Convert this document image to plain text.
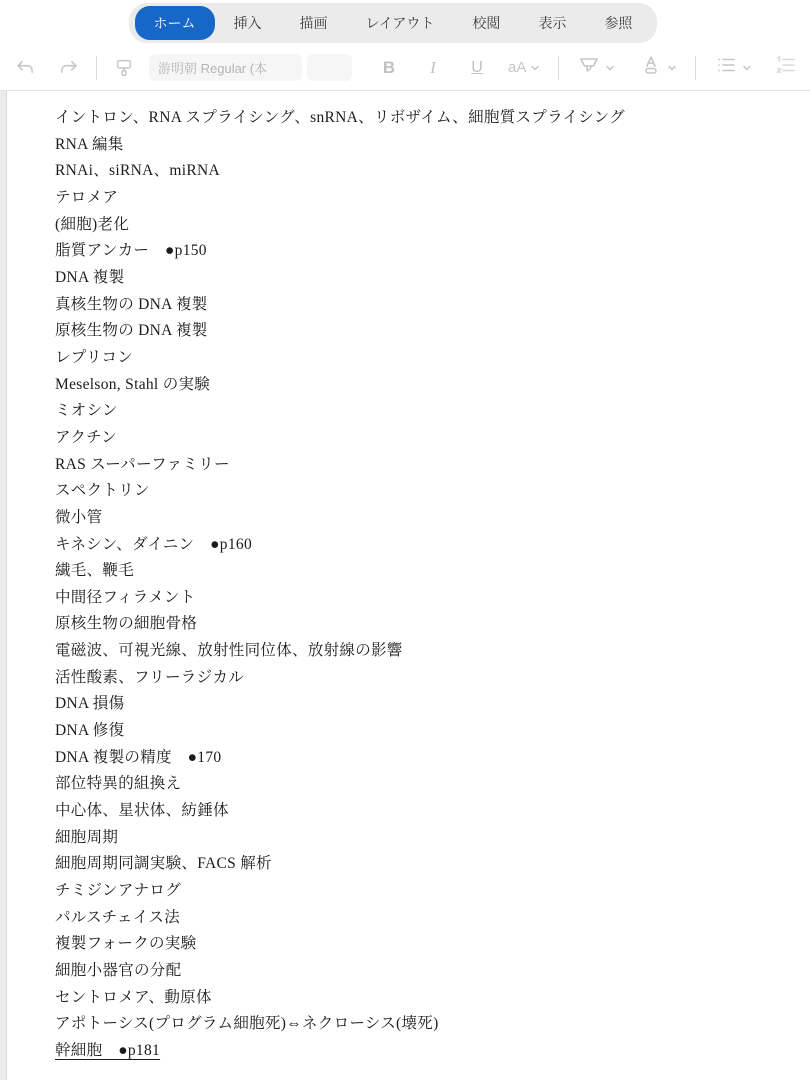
ホーム	挿入	描画	レイアウト	校閲	表示	参照
游明朝 Regular (本	B	I	U	aA
イントロン、RNA スプライシング、snRNA、リボザイム、細胞質スプライシング
RNA 編集
RNAi、siRNA、miRNA
テロメア
(細胞)老化
脂質アンカー　●p150
DNA 複製
真核生物の DNA 複製
原核生物の DNA 複製
レプリコン
Meselson, Stahl の実験
ミオシン
アクチン
RAS スーパーファミリー
スペクトリン
微小管
キネシン、ダイニン　●p160
繊毛、鞭毛
中間径フィラメント
原核生物の細胞骨格
電磁波、可視光線、放射性同位体、放射線の影響
活性酸素、フリーラジカル
DNA 損傷
DNA 修復
DNA 複製の精度　●170
部位特異的組換え
中心体、星状体、紡錘体
細胞周期
細胞周期同調実験、FACS 解析
チミジンアナログ
パルスチェイス法
複製フォークの実験
細胞小器官の分配
セントロメア、動原体
アポトーシス(プログラム細胞死)⇔ネクローシス(壊死)
幹細胞　●p181
